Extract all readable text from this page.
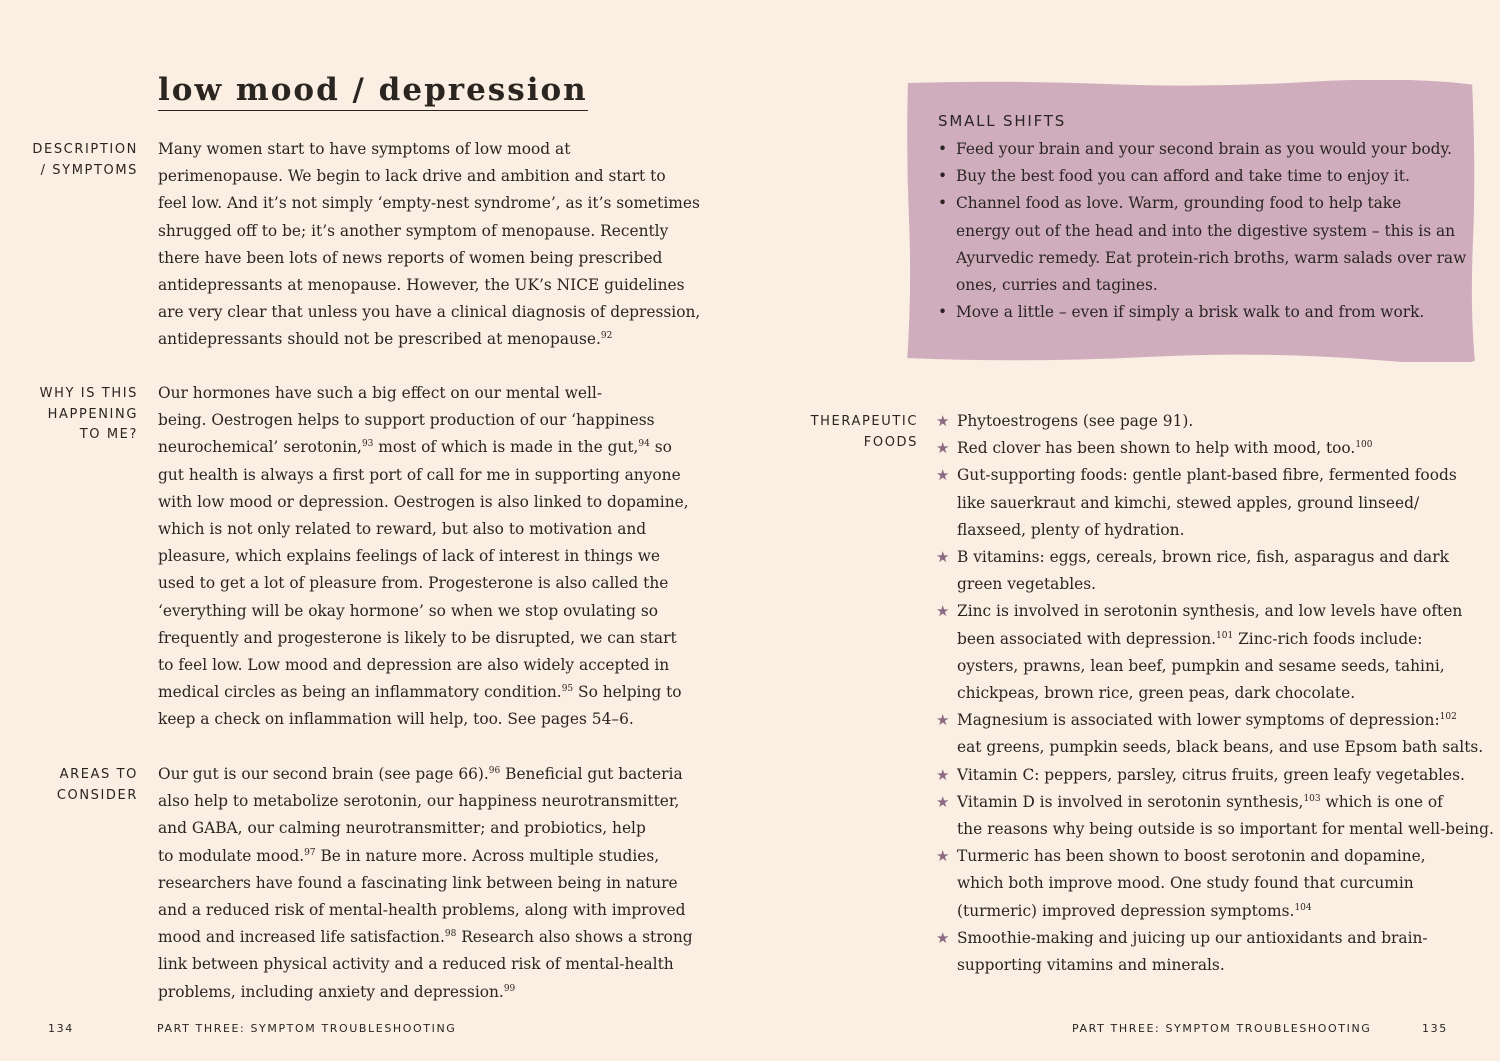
low mood / depression
DESCRIPTION
/ SYMPTOMS
Many women start to have symptoms of low mood at
perimenopause. We begin to lack drive and ambition and start to
feel low. And it’s not simply ‘empty-nest syndrome’, as it’s sometimes
shrugged off to be; it’s another symptom of menopause. Recently
there have been lots of news reports of women being prescribed
antidepressants at menopause. However, the UK’s NICE guidelines
are very clear that unless you have a clinical diagnosis of depression,
antidepressants should not be prescribed at menopause.$^{92}$
WHY IS THIS
HAPPENING
TO ME?
Our hormones have such a big effect on our mental well-
being. Oestrogen helps to support production of our ‘happiness
neurochemical’ serotonin,$^{93}$ most of which is made in the gut,$^{94}$ so
gut health is always a first port of call for me in supporting anyone
with low mood or depression. Oestrogen is also linked to dopamine,
which is not only related to reward, but also to motivation and
pleasure, which explains feelings of lack of interest in things we
used to get a lot of pleasure from. Progesterone is also called the
‘everything will be okay hormone’ so when we stop ovulating so
frequently and progesterone is likely to be disrupted, we can start
to feel low. Low mood and depression are also widely accepted in
medical circles as being an inflammatory condition.$^{95}$ So helping to
keep a check on inflammation will help, too. See pages 54–6.
AREAS TO
CONSIDER
Our gut is our second brain (see page 66).$^{96}$ Beneficial gut bacteria
also help to metabolize serotonin, our happiness neurotransmitter,
and GABA, our calming neurotransmitter; and probiotics, help
to modulate mood.$^{97}$ Be in nature more. Across multiple studies,
researchers have found a fascinating link between being in nature
and a reduced risk of mental-health problems, along with improved
mood and increased life satisfaction.$^{98}$ Research also shows a strong
link between physical activity and a reduced risk of mental-health
problems, including anxiety and depression.$^{99}$
134	PART THREE: SYMPTOM TROUBLESHOOTING
SMALL SHIFTS
• Feed your brain and your second brain as you would your body.
• Buy the best food you can afford and take time to enjoy it.
• Channel food as love. Warm, grounding food to help take
energy out of the head and into the digestive system – this is an
Ayurvedic remedy. Eat protein-rich broths, warm salads over raw
ones, curries and tagines.
• Move a little – even if simply a brisk walk to and from work.
THERAPEUTIC
FOODS
★ Phytoestrogens (see page 91).
★ Red clover has been shown to help with mood, too.$^{100}$
★ Gut-supporting foods: gentle plant-based fibre, fermented foods
like sauerkraut and kimchi, stewed apples, ground linseed/
flaxseed, plenty of hydration.
★ B vitamins: eggs, cereals, brown rice, fish, asparagus and dark
green vegetables.
★ Zinc is involved in serotonin synthesis, and low levels have often
been associated with depression.$^{101}$ Zinc-rich foods include:
oysters, prawns, lean beef, pumpkin and sesame seeds, tahini,
chickpeas, brown rice, green peas, dark chocolate.
★ Magnesium is associated with lower symptoms of depression:$^{102}$
eat greens, pumpkin seeds, black beans, and use Epsom bath salts.
★ Vitamin C: peppers, parsley, citrus fruits, green leafy vegetables.
★ Vitamin D is involved in serotonin synthesis,$^{103}$ which is one of
the reasons why being outside is so important for mental well-being.
★ Turmeric has been shown to boost serotonin and dopamine,
which both improve mood. One study found that curcumin
(turmeric) improved depression symptoms.$^{104}$
★ Smoothie-making and juicing up our antioxidants and brain-
supporting vitamins and minerals.
PART THREE: SYMPTOM TROUBLESHOOTING	135
